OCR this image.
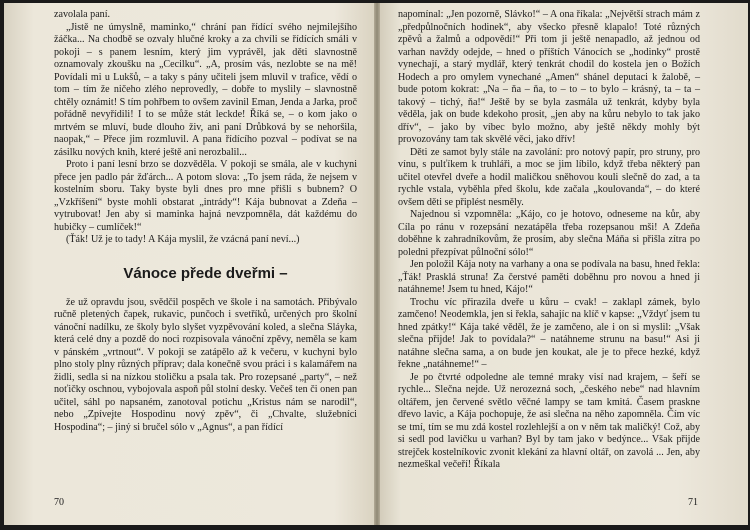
zavolala paní.

„Jistě ne úmyslně, maminko,“ chrání pan řídící svého nejmilejšího žáčka... Na chodbě se ozvaly hlučné kroky a za chvíli se řídících smáli v pokoji – s panem lesním, který jim vyprávěl, jak děti slavnostně oznamovaly zkoušku na „Cecilku“. „A, prosím vás, nezlobte se na mě! Povídali mi u Lukšů, – a taky s pány učiteli jsem mluvil v trafice, vědí o tom – tím že ničeho zlého neprovedly, – dobře to myslily – slavnostně chtěly oznámit! S tím pohřbem to ovšem zavinil Eman, Jenda a Jarka, proč pořádně nevyřídili! I to se může stát leckde! Říká se, – o kom jako o mrtvém se mluví, bude dlouho živ, ani paní Drůbková by se nehoršila, naopak,“ – Přece jim rozmluvil. A pana řídícího pozval – podívat se na zásilku nových knih, které ještě ani nerozbalil...

Proto i paní lesní brzo se dozvěděla. V pokoji se smála, ale v kuchyni přece jen padlo pár žďárch... A potom slova: „To jsem ráda, že nejsem v kostelním sboru. Taky byste byli dnes pro mne přišli s bubnem? O „Vzkříšení“ byste mohli obstarat „intrády“! Kája bubnovat a Zdeňa – vytrubovat! Jen aby si maminka hajná nevzpomněla, dát každému do hubičky – cumlíček!“

(Ťák! Už je to tady! A Kája myslil, že vzácná paní neví...)

Vánoce přede dveřmi –

že už opravdu jsou, svědčil pospěch ve škole i na samotách. Přibývalo ručně pletených čapek, rukavic, punčoch i svetříků, určených pro školní vánoční nadílku, ze školy bylo slyšet vyzpěvování koled, a slečna Sláyka, která celé dny a pozdě do noci rozpisovala vánoční zpěvy, neměla se kam v pánském „vrtnout“. V pokoji se zatápělo až k večeru, v kuchyni bylo plno stoly plny různých příprav; dala konečně svou práci i s kalamářem na židli, sedla si na nízkou stoličku a psala tak. Pro rozepsané „party“, – než noťičky oschnou, vybojovala aspoň půl stolní desky. Večeš ten či onen pan učitel, sáhl po napsaném, zanotoval potichu „Kristus nám se narodil“, nebo „Zpívejte Hospodinu nový zpěv“, či „Chvalte, služebníci Hospodina“; – jiný si bručel sólo v „Agnus“, a pan řídící

70

napomínal: „Jen pozorně, Slávko!“ – A ona říkala: „Největší strach mám z „předpůlnočních hodinek“, aby všecko přesně klapalo! Toté různých zpěvů a žalmů a odpovědí!“ Při tom ji ještě nenapadlo, až jednou od varhan navždy odejde, – hned o příštích Vánocích se „hodinky“ prostě vynechají, a starý mydlář, který tenkrát chodil do kostela jen o Božích Hodech a pro omylem vynechané „Amen“ shánel deputaci k žalobě, – bude potom kokrat: „Na – ňa – ňa, to – to – to bylo – krásný, ta – ta – takový – tichý, ňa!“ Ještě by se byla zasmála už tenkrát, kdyby byla věděla, jak on bude kdekoho prosit, „jen aby na kůru nebylo to tak jako dřív“, – jako by víbec bylo možno, aby ještě někdy mohly být provozovány tam tak skvělé věci, jako dřív!

Děti ze samot byly stále na zavolání: pro notový papír, pro struny, pro vínu, s pulťíkem k truhláři, a moc se jim líbilo, když třeba některý pan učitel otevřel dveře a hodil maličkou sněhovou kouli slečně do zad, a ta rychle vstala, vyběhla před školu, kde začala „koulovanda“, – do které ovšem děti se připlést nesměly.

Najednou si vzpomněla: „Kájo, co je hotovo, odneseme na kůr, aby Cíla po ránu v rozepsání nezatápěla třeba rozepsanou mši! A Zdeňa doběhne k zahradníkovům, že prosím, aby slečna Máňa si přišla zítra po poledni přezpívat půlnoční sólo!“

Jen položil Kája noty na varhany a ona se podívala na basu, hned řekla: „Ťák! Prasklá struna! Za čerstvé paměti doběhnu pro novou a hned ji natáhneme! Jsem tu hned, Kájo!“

Trochu víc přirazila dveře u kůru – cvak! – zaklapl zámek, bylo zamčeno! Neodemkla, jen si řekla, sahajíc na klíč v kapse: „Vždyť jsem tu hned zpátky!“ Kája také věděl, že je zamčeno, ale i on si myslil: „Však slečna přijde! Jak to povídala?“ – natáhneme strunu na basu!“ Asi ji natáhne slečna sama, a on bude jen koukat, ale je to přece hezké, když řekne „natáhneme!“ –

Je po čtvrté odpoledne ale temné mraky visí nad krajem, – šeří se rychle... Slečna nejde. Už nerozezná soch, „českého nebe“ nad hlavním oltářem, jen červené světlo věčné lampy se tam kmitá. Časem praskne dřevo lavic, a Kája pochopuje, že asi slečna na něho zapomněla. Čím víc se tmí, tím se mu zdá kostel rozlehlejší a on v něm tak maličký! Což, aby si sedl pod lavičku u varhan? Byl by tam jako v bedýnce... Však přijde strejček kostelníkovic zvonit klekání za hlavní oltář, on zavolá ... Jen, aby nezmeškal večeří! Říkala

71
